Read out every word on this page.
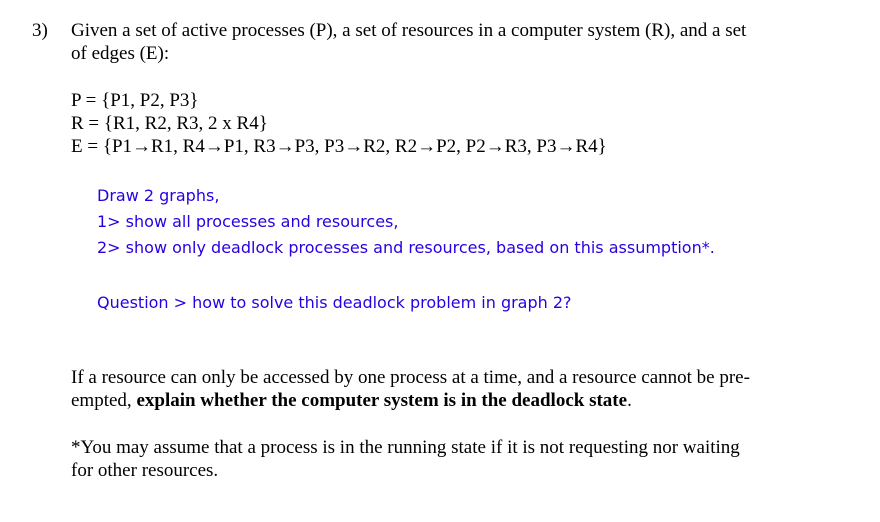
3) Given a set of active processes (P), a set of resources in a computer system (R), and a set
of edges (E):
P = {P1, P2, P3}
R = {R1, R2, R3, 2 x R4}
E = {P1→R1, R4→P1, R3→P3, P3→R2, R2→P2, P2→R3, P3→R4}
Draw 2 graphs,
1> show all processes and resources,
2> show only deadlock processes and resources, based on this assumption*.
Question > how to solve this deadlock problem in graph 2?
If a resource can only be accessed by one process at a time, and a resource cannot be pre-
empted, explain whether the computer system is in the deadlock state.
*You may assume that a process is in the running state if it is not requesting nor waiting
for other resources.
